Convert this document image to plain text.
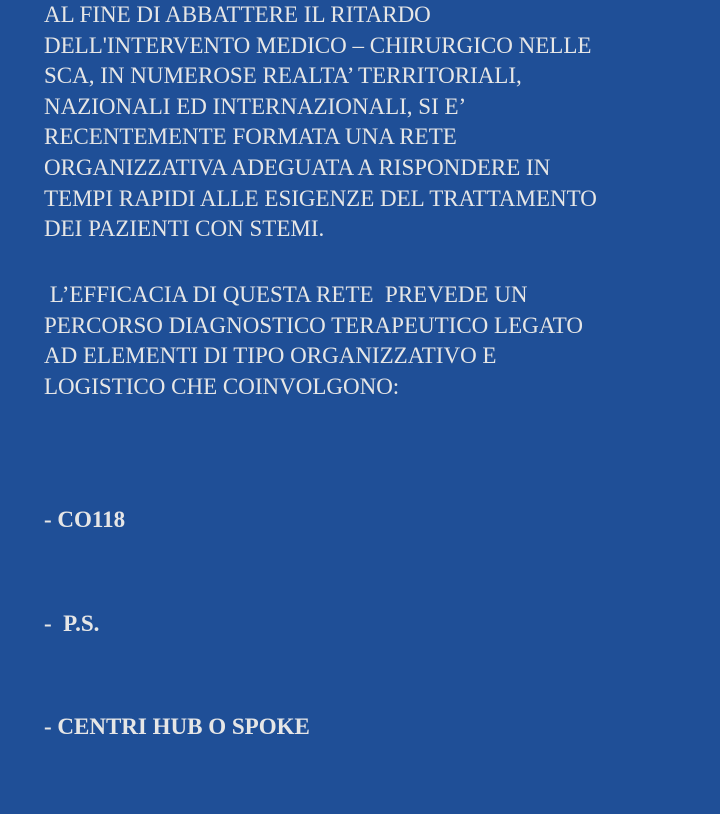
AL FINE DI ABBATTERE IL RITARDO
DELL'INTERVENTO MEDICO – CHIRURGICO NELLE
SCA, IN NUMEROSE REALTA’ TERRITORIALI,
NAZIONALI ED INTERNAZIONALI, SI E’
RECENTEMENTE FORMATA UNA RETE
ORGANIZZATIVA ADEGUATA A RISPONDERE IN
TEMPI RAPIDI ALLE ESIGENZE DEL TRATTAMENTO
DEI PAZIENTI CON STEMI.

L’EFFICACIA DI QUESTA RETE  PREVEDE UN
PERCORSO DIAGNOSTICO TERAPEUTICO LEGATO
AD ELEMENTI DI TIPO ORGANIZZATIVO E
LOGISTICO CHE COINVOLGONO:

- CO118

-  P.S.

- CENTRI HUB O SPOKE
